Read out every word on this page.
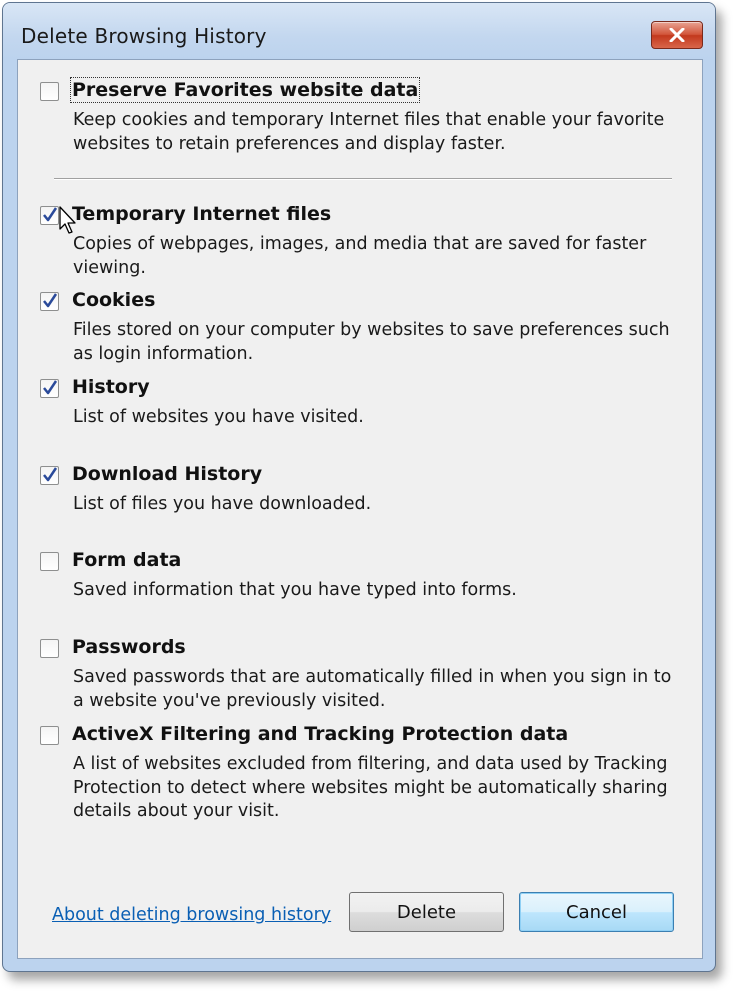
Delete Browsing History
Preserve Favorites website data
Keep cookies and temporary Internet files that enable your favorite websites to retain preferences and display faster.
Temporary Internet files
Copies of webpages, images, and media that are saved for faster viewing.
Cookies
Files stored on your computer by websites to save preferences such as login information.
History
List of websites you have visited.
Download History
List of files you have downloaded.
Form data
Saved information that you have typed into forms.
Passwords
Saved passwords that are automatically filled in when you sign in to a website you've previously visited.
ActiveX Filtering and Tracking Protection data
A list of websites excluded from filtering, and data used by Tracking Protection to detect where websites might be automatically sharing details about your visit.
About deleting browsing history	Delete	Cancel
